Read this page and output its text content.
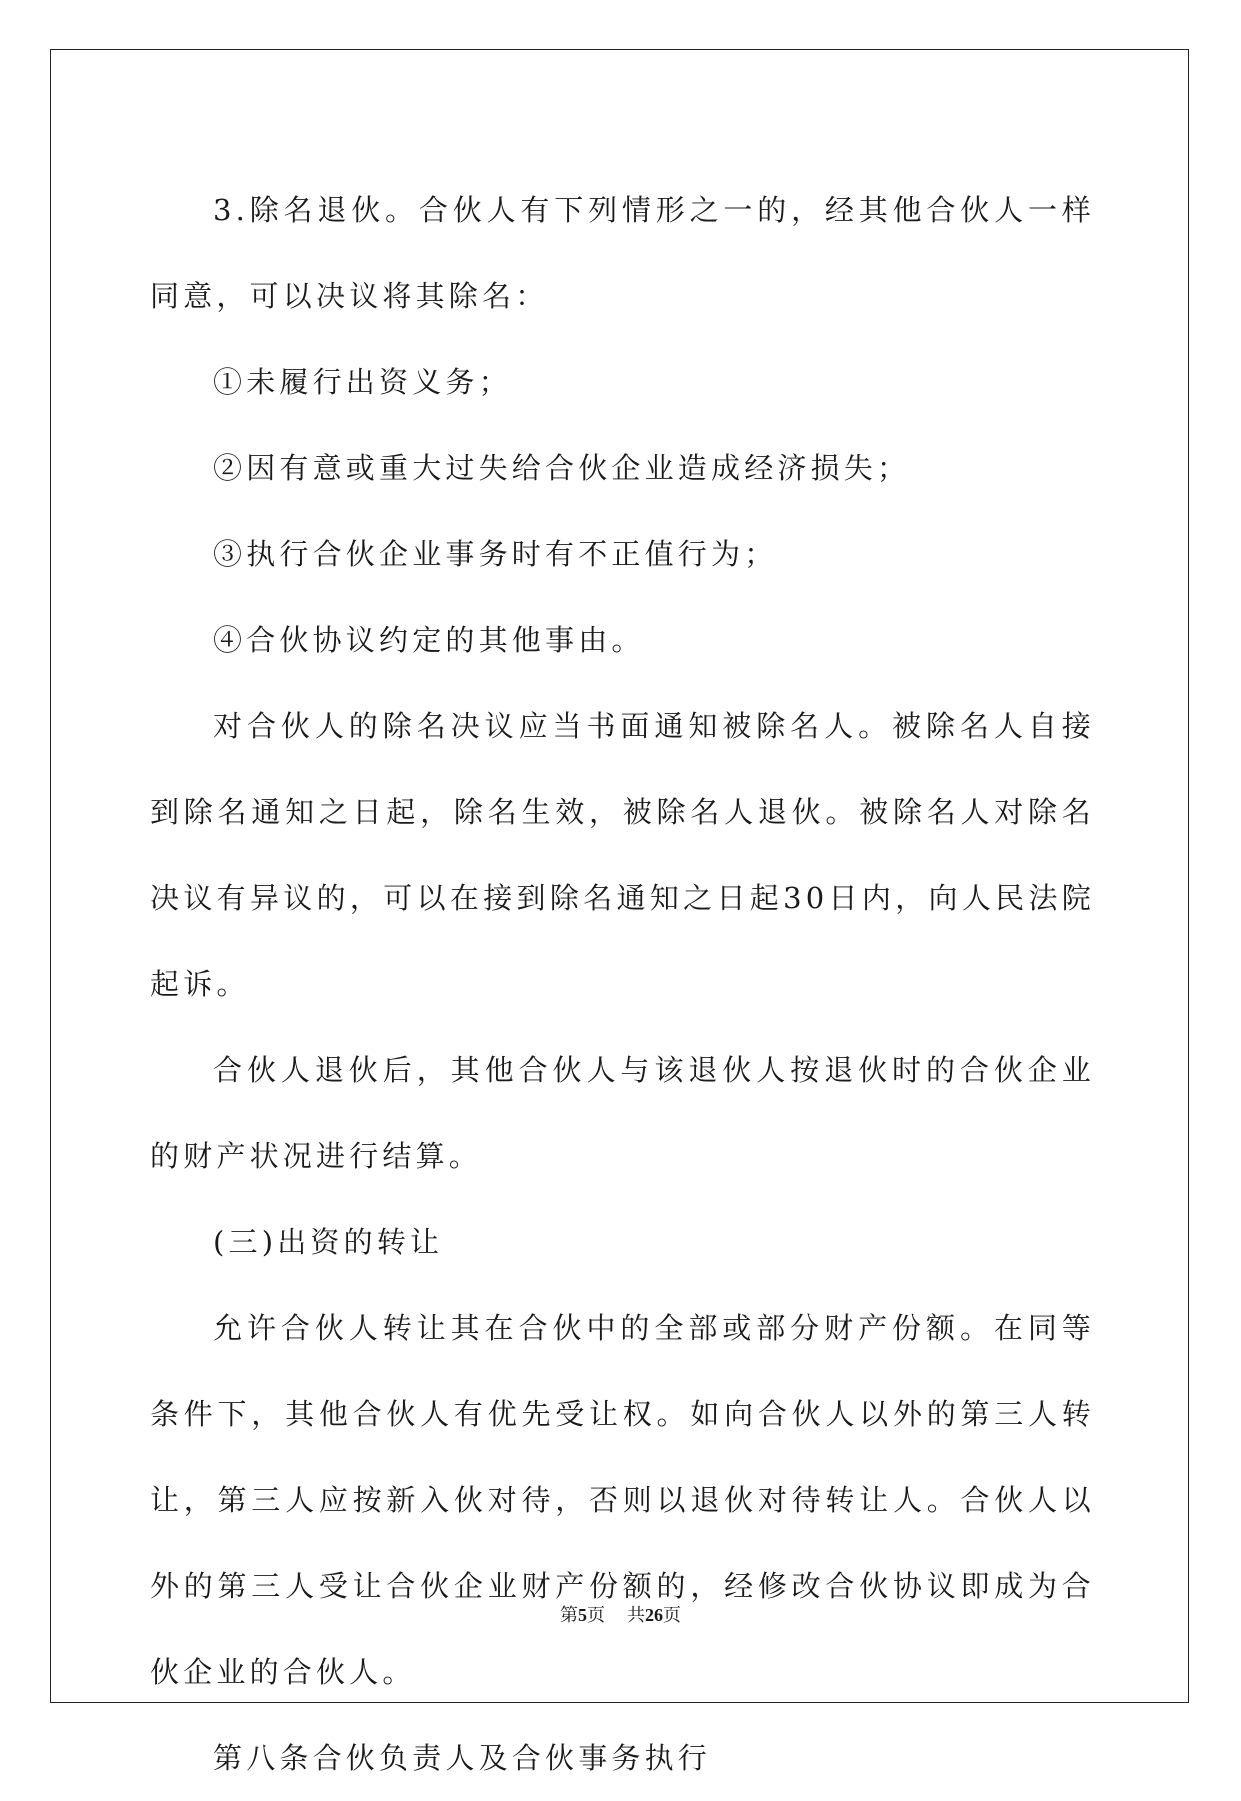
3.除名退伙。合伙人有下列情形之一的，经其他合伙人一样同意，可以决议将其除名：

①未履行出资义务；

②因有意或重大过失给合伙企业造成经济损失；

③执行合伙企业事务时有不正值行为；

④合伙协议约定的其他事由。

对合伙人的除名决议应当书面通知被除名人。被除名人自接到除名通知之日起，除名生效，被除名人退伙。被除名人对除名决议有异议的，可以在接到除名通知之日起30日内，向人民法院起诉。

合伙人退伙后，其他合伙人与该退伙人按退伙时的合伙企业的财产状况进行结算。

(三)出资的转让

允许合伙人转让其在合伙中的全部或部分财产份额。在同等条件下，其他合伙人有优先受让权。如向合伙人以外的第三人转让，第三人应按新入伙对待，否则以退伙对待转让人。合伙人以外的第三人受让合伙企业财产份额的，经修改合伙协议即成为合伙企业的合伙人。

第八条合伙负责人及合伙事务执行

第5页 共26页
